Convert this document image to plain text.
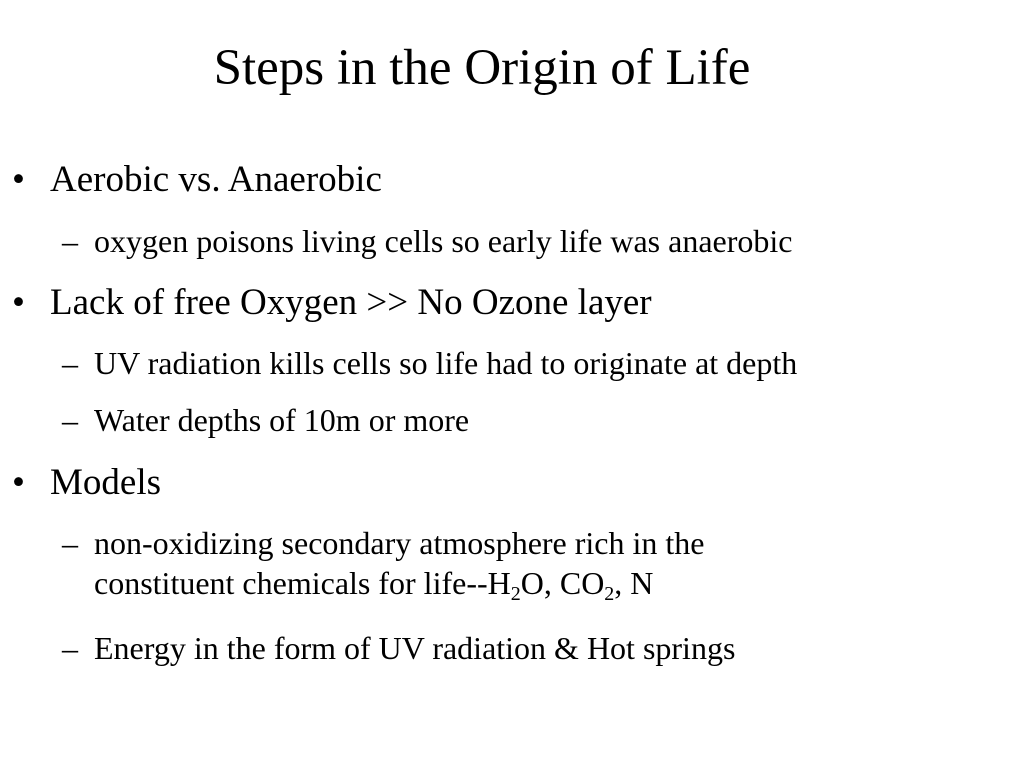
Steps in the Origin of Life
• Aerobic vs. Anaerobic
– oxygen poisons living cells so early life was anaerobic
• Lack of free Oxygen >> No Ozone layer
– UV radiation kills cells so life had to originate at depth
– Water depths of 10m or more
• Models
– non-oxidizing secondary atmosphere rich in the
constituent chemicals for life-$-H_2O$, $CO_2$, N
– Energy in the form of UV radiation & Hot springs
